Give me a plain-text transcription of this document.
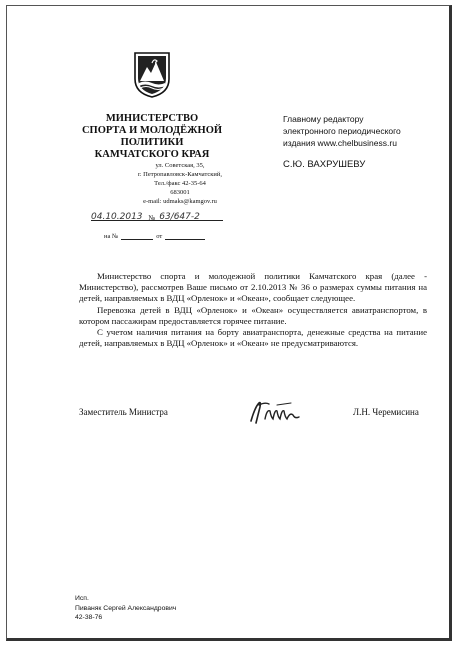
МИНИСТЕРСТВО
СПОРТА И МОЛОДЁЖНОЙ
ПОЛИТИКИ
КАМЧАТСКОГО КРАЯ
ул. Советская, 35,
г. Петропавловск-Камчатский,
Тел./факс 42-35-64
683001
e-mail: udmaks@kamgov.ru
04.10.2013 № 63/647-2
на №	от
Главному редактору
электронного периодического
издания www.chelbusiness.ru
С.Ю. ВАХРУШЕВУ

Министерство спорта и молодежной политики Камчатского края (далее - Министерство), рассмотрев Ваше письмо от 2.10.2013 № 36 о размерах суммы питания на детей, направляемых в ВДЦ «Орленок» и «Океан», сообщает следующее.

Перевозка детей в ВДЦ «Орленок» и «Океан» осуществляется авиатранспортом, в котором пассажирам предоставляется горячее питание.

С учетом наличия питания на борту авиатранспорта, денежные средства на питание детей, направляемых в ВДЦ «Орленок» и «Океан» не предусматриваются.

Заместитель Министра	Л.Н. Черемисина
Исп.
Пиваняк Сергей Александрович
42-38-76
